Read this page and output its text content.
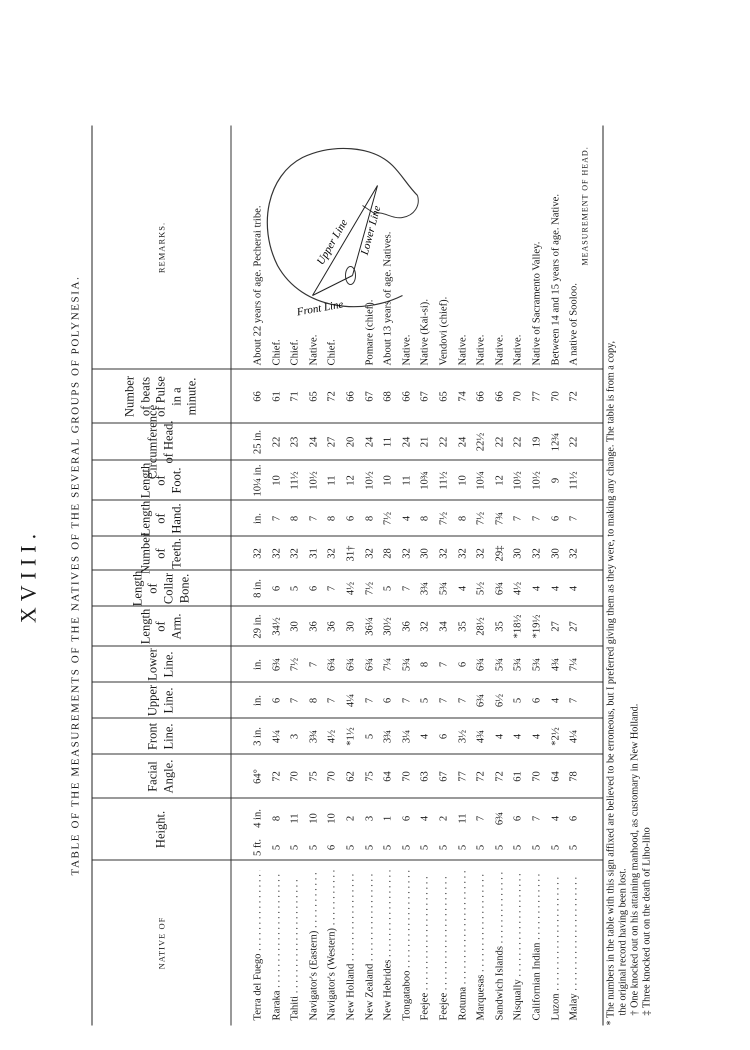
XVIII.	TABLE OF THE MEASUREMENTS OF THE NATIVES OF THE SEVERAL GROUPS OF POLYNESIA.
NATIVE OF
Height.
Facial Angle.
Front Line.
Upper Line.
Lower Line.
Length of Arm.
Length of Collar Bone.
Number of Teeth.
Length of Hand.
Length of Foot.
Circumference of Head.
Number of beats of Pulse in a minute.
REMARKS.
Terra del Fuego . . .
5 ft.
4 in.
64°
3 in.
in.
in.
29 in.
8 in.
32
in.
10¼ in.
25 in.
66
About 22 years of age. Pecherai tribe.
Raraka . . .
5
8
72
4¼
6
6¾
34½
6
32
7
10
22
61
Chief.
Tahiti . . .
5
11
70
3
7
7½
30
5
32
8
11½
23
71
Chief.
Navigator's (Eastern) . . .
5
10
75
3¾
8
7
36
6
31
7
10½
24
65
Native.
Navigator's (Western) . . .
6
10
70
4½
7
6¾
36
7
32
8
11
27
72
Chief.
New Holland . . .
5
2
62
*1½
4¼
6¾
30
4½
31†
6
12
20
66
New Zealand . . .
5
3
75
5
7
6¾
36¼
7½
32
8
10½
24
67
Pomare (chief).
New Hebrides . . .
5
1
64
3¾
6
7¼
30½
5
28
7½
10
11
68
About 13 years of age. Natives.
Tongataboo . . .
5
6
70
3¼
7
5¾
36
7
32
4
11
24
66
Native.
Feejee . . .
5
4
63
4
5
8
32
3¾
30
8
10¾
21
67
Native (Kai-si).
Feejee . . .
5
2
67
6
7
7
34
5¾
32
7½
11½
22
65
Vendovi (chief).
Rotuma . . .
5
11
77
3½
7
6
35
4
32
8
10
24
74
Native.
Marquesas . . .
5
7
72
4¾
6¾
6¾
28½
5½
32
7½
10¼
22½
66
Native.
Sandwich Islands . . .
5
6¾
72
4
6½
5¾
35
6¾
29‡
7¾
12
22
66
Native.
Nisqually . . .
5
6
61
4
5
5¾
*18½
4½
30
7
10½
22
70
Native.
Californian Indian . . .
5
7
70
4
6
5¾
*19½
4
32
7
10½
19
77
Native of Sacramento Valley.
Luzon . . .
5
4
64
*2½
4
4¾
27
4
30
6
9
12¾
70
Between 14 and 15 years of age. Native.
Malay . . .
5
6
78
4¼
7
7¼
27
4
32
7
11½
22
72
A native of Sooloo.
Upper Line Lower Line
Front Line
MEASUREMENT OF HEAD.
* The numbers in the table with this sign affixed are believed to be erroneous, but I preferred giving them as they were, to making any change. The table is from a copy, the original record having been lost. † One knocked out on his attaining manhood, as customary in New Holland. ‡ Three knocked out on the death of Liho-liho
